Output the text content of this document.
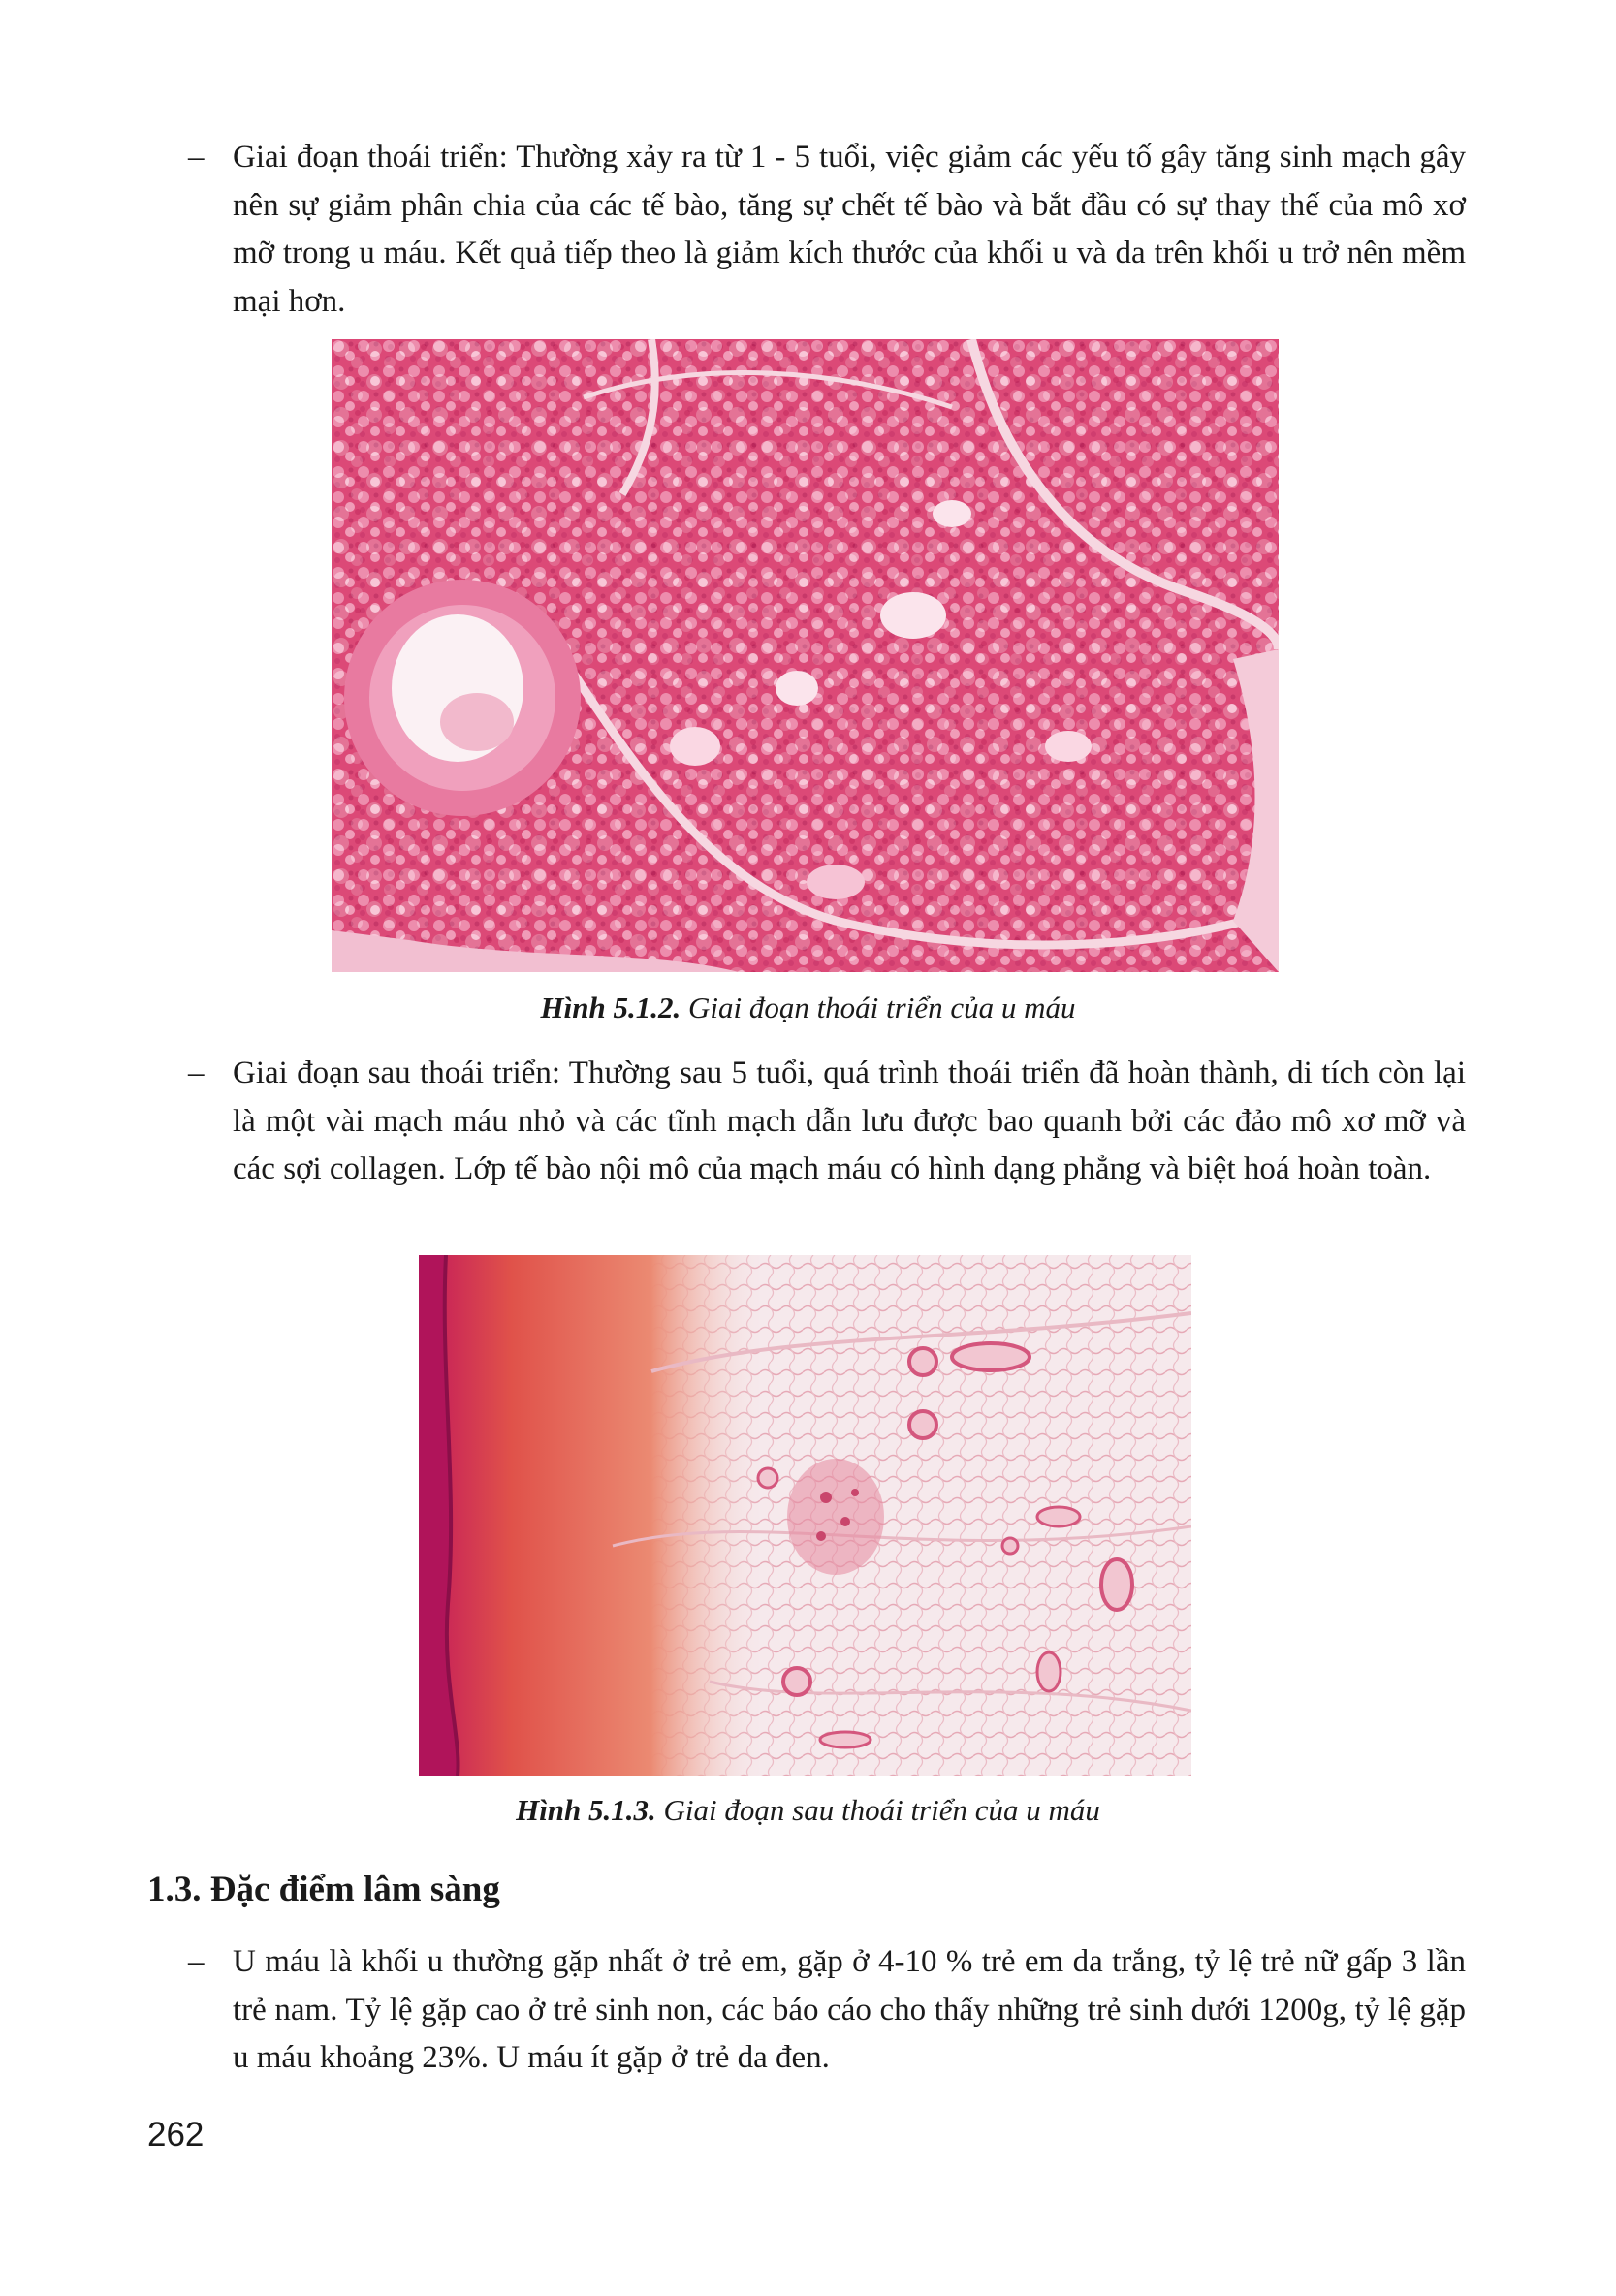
– Giai đoạn thoái triển: Thường xảy ra từ 1 - 5 tuổi, việc giảm các yếu tố gây tăng sinh mạch gây nên sự giảm phân chia của các tế bào, tăng sự chết tế bào và bắt đầu có sự thay thế của mô xơ mỡ trong u máu. Kết quả tiếp theo là giảm kích thước của khối u và da trên khối u trở nên mềm mại hơn.
Hình 5.1.2. Giai đoạn thoái triển của u máu
– Giai đoạn sau thoái triển: Thường sau 5 tuổi, quá trình thoái triển đã hoàn thành, di tích còn lại là một vài mạch máu nhỏ và các tĩnh mạch dẫn lưu được bao quanh bởi các đảo mô xơ mỡ và các sợi collagen. Lớp tế bào nội mô của mạch máu có hình dạng phẳng và biệt hoá hoàn toàn.
Hình 5.1.3. Giai đoạn sau thoái triển của u máu
1.3. Đặc điểm lâm sàng
– U máu là khối u thường gặp nhất ở trẻ em, gặp ở 4-10 % trẻ em da trắng, tỷ lệ trẻ nữ gấp 3 lần trẻ nam. Tỷ lệ gặp cao ở trẻ sinh non, các báo cáo cho thấy những trẻ sinh dưới 1200g, tỷ lệ gặp u máu khoảng 23%. U máu ít gặp ở trẻ da đen.
262
